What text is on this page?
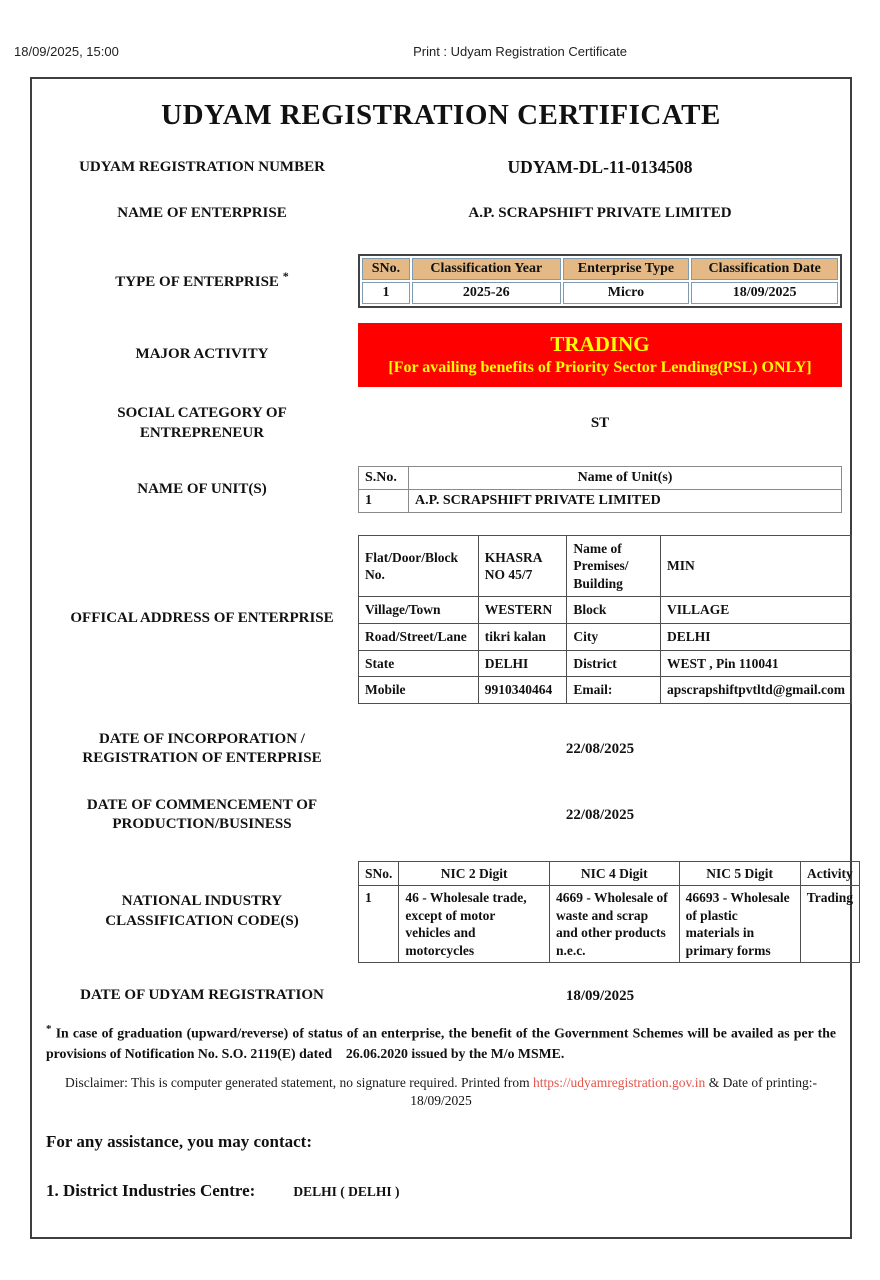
18/09/2025, 15:00	Print : Udyam Registration Certificate
UDYAM REGISTRATION CERTIFICATE
UDYAM REGISTRATION NUMBER	UDYAM-DL-11-0134508
NAME OF ENTERPRISE	A.P. SCRAPSHIFT PRIVATE LIMITED
TYPE OF ENTERPRISE *
SNo.	Classification Year	Enterprise Type	Classification Date
1	2025-26	Micro	18/09/2025
MAJOR ACTIVITY	TRADING
[For availing benefits of Priority Sector Lending(PSL) ONLY]
SOCIAL CATEGORY OF
ENTREPRENEUR
ST
NAME OF UNIT(S)
S.No.	Name of Unit(s)
1	A.P. SCRAPSHIFT PRIVATE LIMITED
OFFICAL ADDRESS OF ENTERPRISE
Flat/Door/Block No.	KHASRA NO 45/7	Name of Premises/ Building	MIN
Village/Town	WESTERN	Block	VILLAGE
Road/Street/Lane	tikri kalan	City	DELHI
State	DELHI	District	WEST , Pin 110041
Mobile	9910340464	Email:	apscrapshiftpvtltd@gmail.com
DATE OF INCORPORATION /
REGISTRATION OF ENTERPRISE
22/08/2025
DATE OF COMMENCEMENT OF
PRODUCTION/BUSINESS
22/08/2025
NATIONAL INDUSTRY
CLASSIFICATION CODE(S)
SNo.	NIC 2 Digit	NIC 4 Digit	NIC 5 Digit	Activity
1	46 - Wholesale trade, except of motor vehicles and motorcycles	4669 - Wholesale of waste and scrap and other products n.e.c.	46693 - Wholesale of plastic materials in primary forms	Trading
DATE OF UDYAM REGISTRATION	18/09/2025
* In case of graduation (upward/reverse) of status of an enterprise, the benefit of the Government Schemes will be availed as per the provisions of Notification No. S.O. 2119(E) dated    26.06.2020 issued by the M/o MSME.
Disclaimer: This is computer generated statement, no signature required. Printed from https://udyamregistration.gov.in & Date of printing:-
18/09/2025
For any assistance, you may contact:
1. District Industries Centre:	DELHI ( DELHI )
